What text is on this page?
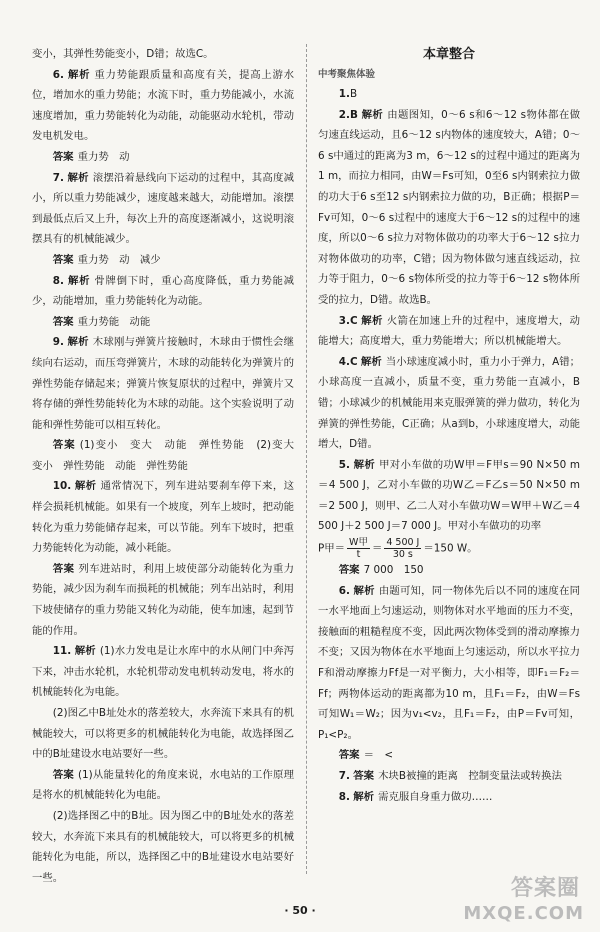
变小，其弹性势能变小，D错；故选C。

6. 解析 重力势能跟质量和高度有关，提高上游水位，增加水的重力势能；水流下时，重力势能减小，水流速度增加，重力势能转化为动能，动能驱动水轮机，带动发电机发电。

答案 重力势　动

7. 解析 滚摆沿着悬线向下运动的过程中，其高度减小，所以重力势能减少，速度越来越大，动能增加。滚摆到最低点后又上升，每次上升的高度逐渐减小，这说明滚摆具有的机械能减少。

答案 重力势　动　减少

8. 解析 骨牌倒下时，重心高度降低，重力势能减少，动能增加，重力势能转化为动能。

答案 重力势能　动能

9. 解析 木球刚与弹簧片接触时，木球由于惯性会继续向右运动，而压弯弹簧片，木球的动能转化为弹簧片的弹性势能存储起来；弹簧片恢复原状的过程中，弹簧片又将存储的弹性势能转化为木球的动能。这个实验说明了动能和弹性势能可以相互转化。

答案 (1)变小　变大　动能　弹性势能　(2)变大　变小　弹性势能　动能　弹性势能

10. 解析 通常情况下，列车进站要刹车停下来，这样会损耗机械能。如果有一个坡度，列车上坡时，把动能转化为重力势能储存起来，可以节能。列车下坡时，把重力势能转化为动能，减小耗能。

答案 列车进站时，利用上坡使部分动能转化为重力势能，减少因为刹车而损耗的机械能；列车出站时，利用下坡使储存的重力势能又转化为动能，使车加速，起到节能的作用。

11. 解析 (1)水力发电是让水库中的水从闸门中奔泻下来，冲击水轮机，水轮机带动发电机转动发电，将水的机械能转化为电能。

(2)图乙中B址处水的落差较大，水奔流下来具有的机械能较大，可以将更多的机械能转化为电能，故选择图乙中的B址建设水电站要好一些。

答案 (1)从能量转化的角度来说，水电站的工作原理是将水的机械能转化为电能。

(2)选择图乙中的B址。因为图乙中的B址处水的落差较大，水奔流下来具有的机械能较大，可以将更多的机械能转化为电能，所以，选择图乙中的B址建设水电站要好一些。

本章整合

中考聚焦体验

1.B

2.B 解析 由题图知，0～6 s和6～12 s物体都在做匀速直线运动，且6～12 s内物体的速度较大，A错；0～6 s中通过的距离为3 m，6～12 s的过程中通过的距离为1 m，而拉力相同，由W＝Fs可知，0至6 s内钢索拉力做的功大于6 s至12 s内钢索拉力做的功，B正确；根据P＝Fv可知，0～6 s过程中的速度大于6～12 s的过程中的速度，所以0～6 s拉力对物体做功的功率大于6～12 s拉力对物体做功的功率，C错；因为物体做匀速直线运动，拉力等于阻力，0～6 s物体所受的拉力等于6～12 s物体所受的拉力，D错。故选B。

3.C 解析 火箭在加速上升的过程中，速度增大，动能增大；高度增大，重力势能增大；所以机械能增大。

4.C 解析 当小球速度减小时，重力小于弹力，A错；小球高度一直减小，质量不变，重力势能一直减小，B错；小球减少的机械能用来克服弹簧的弹力做功，转化为弹簧的弹性势能，C正确；从a到b，小球速度增大，动能增大，D错。

5. 解析 甲对小车做的功W甲＝F甲s＝90 N×50 m＝4 500 J，乙对小车做的功W乙＝F乙s＝50 N×50 m＝2 500 J，则甲、乙二人对小车做功W＝W甲＋W乙＝4 500 J＋2 500 J＝7 000 J。甲对小车做功的功率

P甲＝ $\frac{\text{W甲}}{t} = \frac{4 500 J}{30 s} =150$ W。

答案 7 000　150

6. 解析 由题可知，同一物体先后以不同的速度在同一水平地面上匀速运动，则物体对水平地面的压力不变，接触面的粗糙程度不变，因此两次物体受到的滑动摩擦力不变；又因为物体在水平地面上匀速运动，所以水平拉力F和滑动摩擦力Ff是一对平衡力，大小相等，即F₁＝F₂＝Ff；两物体运动的距离都为10 m，且F₁＝F₂，由W＝Fs可知W₁＝W₂；因为v₁<v₂，且F₁＝F₂，由P＝Fv可知，P₁<P₂。

答案 ＝　<

7. 答案 木块B被撞的距离　控制变量法或转换法

8. 解析 需克服自身重力做功……

· 50 ·
答案圈
MXQE.COM
